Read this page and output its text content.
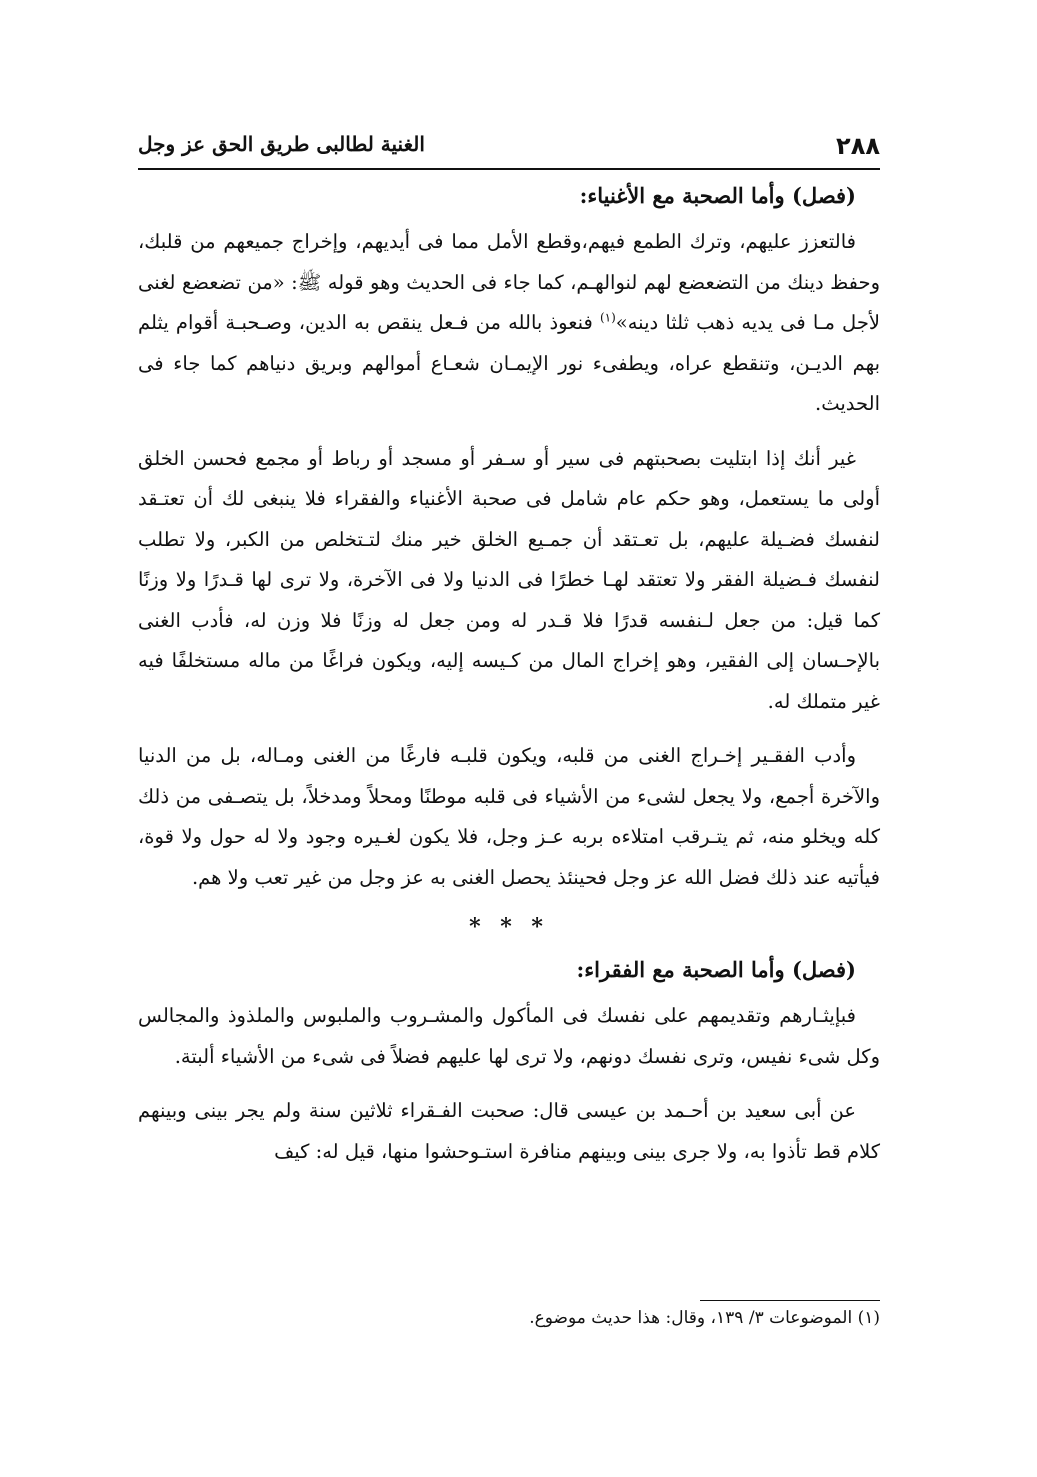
٢٨٨
الغنية لطالبى طريق الحق عز وجل
(فصل) وأما الصحبة مع الأغنياء:

فالتعزز عليهم، وترك الطمع فيهم،وقطع الأمل مما فى أيديهم، وإخراج جميعهم من قلبك، وحفظ دينك من التضعضع لهم لنوالهـم، كما جاء فى الحديث وهو قوله ﷺ: «من تضعضع لغنى لأجل مـا فى يديه ذهب ثلثا دينه»$^{(١)}$ فنعوذ بالله من فـعل ينقص به الدين، وصـحبـة أقوام يثلم بهم الديـن، وتنقطع عراه، ويطفىء نور الإيمـان شعـاع أموالهم وبريق دنياهم كما جاء فى الحديث.

غير أنك إذا ابتليت بصحبتهم فى سير أو سـفر أو مسجد أو رباط أو مجمع فحسن الخلق أولى ما يستعمل، وهو حكم عام شامل فى صحبة الأغنياء والفقراء فلا ينبغى لك أن تعتـقد لنفسك فضـيلة عليهم، بل تعـتقد أن جمـيع الخلق خير منك لتـتخلص من الكبر، ولا تطلب لنفسك فـضيلة الفقر ولا تعتقد لهـا خطرًا فى الدنيا ولا فى الآخرة، ولا ترى لها قـدرًا ولا وزنًا كما قيل: من جعل لـنفسه قدرًا فلا قـدر له ومن جعل له وزنًا فلا وزن له، فأدب الغنى بالإحـسان إلى الفقير، وهو إخراج المال من كـيسه إليه، ويكون فراغًا من ماله مستخلفًا فيه غير متملك له.

وأدب الفقـير إخـراج الغنى من قلبه، ويكون قلبـه فارغًا من الغنى ومـاله، بل من الدنيا والآخرة أجمع، ولا يجعل لشىء من الأشياء فى قلبه موطنًا ومحلاً ومدخلاً، بل يتصـفى من ذلك كله ويخلو منه، ثم يتـرقب امتلاءه بربه عـز وجل، فلا يكون لغـيره وجود ولا له حول ولا قوة، فيأتيه عند ذلك فضل الله عز وجل فحينئذ يحصل الغنى به عز وجل من غير تعب ولا هم.

* * *
(فصل) وأما الصحبة مع الفقراء:

فبإيثـارهم وتقديمهم على نفسك فى المأكول والمشـروب والملبوس والملذوذ والمجالس وكل شىء نفيس، وترى نفسك دونهم، ولا ترى لها عليهم فضلاً فى شىء من الأشياء ألبتة.

عن أبى سعيد بن أحـمد بن عيسى قال: صحبت الفـقراء ثلاثين سنة ولم يجر بينى وبينهم كلام قط تأذوا به، ولا جرى بينى وبينهم منافرة استـوحشوا منها، قيل له: كيف

(١) الموضوعات ٣/ ١٣٩، وقال: هذا حديث موضوع.
